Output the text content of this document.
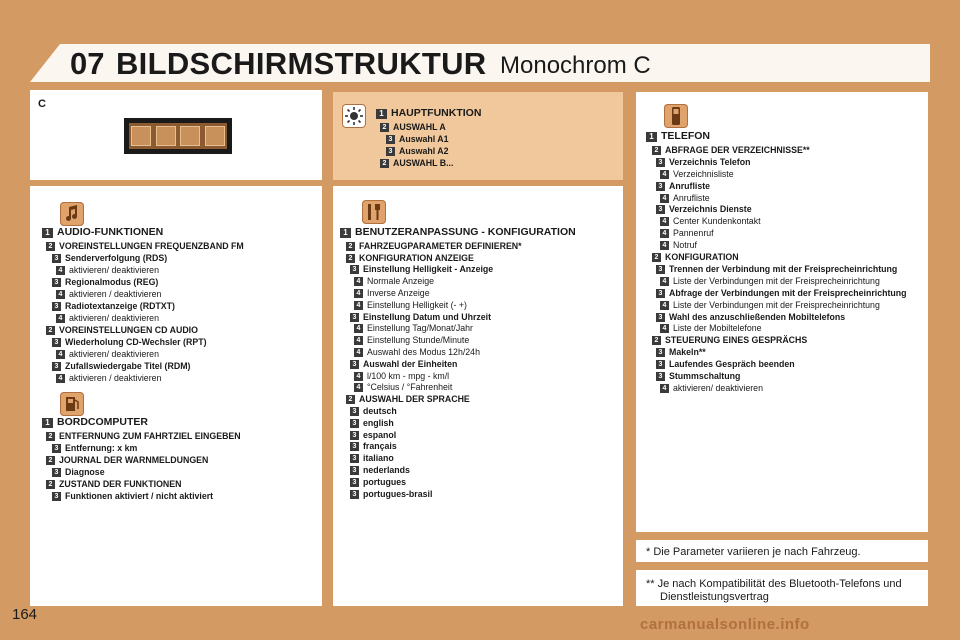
07 BILDSCHIRMSTRUKTUR Monochrom C
C
1 HAUPTFUNKTION
2 AUSWAHL A
3 Auswahl A1
3 Auswahl A2
2 AUSWAHL B...
1 AUDIO-FUNKTIONEN
2 VOREINSTELLUNGEN FREQUENZBAND FM
3 Senderverfolgung (RDS)
4 aktivieren/ deaktivieren
3 Regionalmodus (REG)
4 aktivieren / deaktivieren
3 Radiotextanzeige (RDTXT)
4 aktivieren/ deaktivieren
2 VOREINSTELLUNGEN CD AUDIO
3 Wiederholung CD-Wechsler (RPT)
4 aktivieren/ deaktivieren
3 Zufallswiedergabe Titel (RDM)
4 aktivieren / deaktivieren
1 BORDCOMPUTER
2 ENTFERNUNG ZUM FAHRTZIEL EINGEBEN
3 Entfernung: x km
2 JOURNAL DER WARNMELDUNGEN
3 Diagnose
2 ZUSTAND DER FUNKTIONEN
3 Funktionen aktiviert / nicht aktiviert
1 BENUTZERANPASSUNG - KONFIGURATION
2 FAHRZEUGPARAMETER DEFINIEREN*
2 KONFIGURATION ANZEIGE
3 Einstellung Helligkeit - Anzeige
4 Normale Anzeige
4 Inverse Anzeige
4 Einstellung Helligkeit (- +)
3 Einstellung Datum und Uhrzeit
4 Einstellung Tag/Monat/Jahr
4 Einstellung Stunde/Minute
4 Auswahl des Modus 12h/24h
3 Auswahl der Einheiten
4 l/100 km - mpg - km/l
4 °Celsius / °Fahrenheit
2 AUSWAHL DER SPRACHE
3 deutsch
3 english
3 espanol
3 français
3 italiano
3 nederlands
3 portugues
3 portugues-brasil
1 TELEFON
2 ABFRAGE DER VERZEICHNISSE**
3 Verzeichnis Telefon
4 Verzeichnisliste
3 Anrufliste
4 Anrufliste
3 Verzeichnis Dienste
4 Center Kundenkontakt
4 Pannenruf
4 Notruf
2 KONFIGURATION
3 Trennen der Verbindung mit der Freisprecheinrichtung
4 Liste der Verbindungen mit der Freisprecheinrichtung
3 Abfrage der Verbindungen mit der Freisprecheinrichtung
4 Liste der Verbindungen mit der Freisprecheinrichtung
3 Wahl des anzuschließenden Mobiltelefons
4 Liste der Mobiltelefone
2 STEUERUNG EINES GESPRÄCHS
3 Makeln**
3 Laufendes Gespräch beenden
3 Stummschaltung
4 aktivieren/ deaktivieren
* Die Parameter variieren je nach Fahrzeug.
** Je nach Kompatibilität des Bluetooth-Telefons und
Dienstleistungsvertrag
164
carmanualsonline.info
